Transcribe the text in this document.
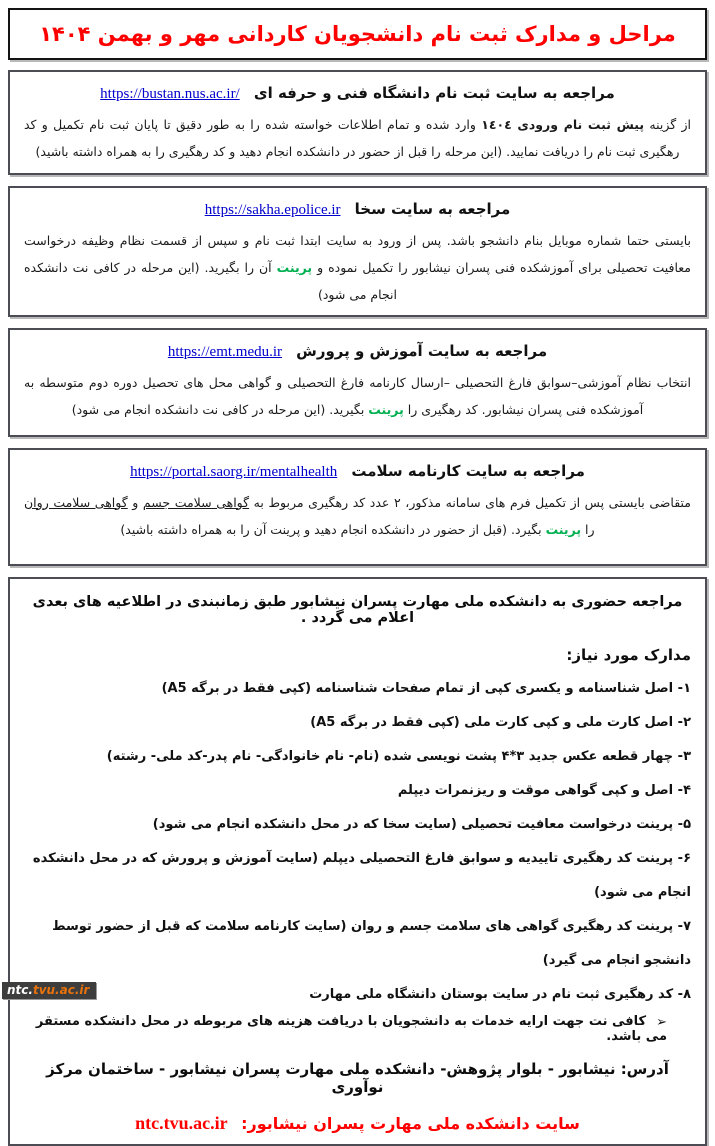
مراحل و مدارک ثبت نام دانشجویان کاردانی مهر و بهمن ۱۴۰۴
مراجعه به سایت ثبت نام دانشگاه فنی و حرفه ای https://bustan.nus.ac.ir/

از گزینه پیش ثبت نام ورودی ١٤٠٤ وارد شده و تمام اطلاعات خواسته شده را به طور دقیق تا پایان ثبت نام تکمیل و کد رهگیری ثبت نام را دریافت نمایید. (این مرحله را قبل از حضور در دانشکده انجام دهید و کد رهگیری را به همراه داشته باشید)

مراجعه به سایت سخا https://sakha.epolice.ir

بایستی حتما شماره موبایل بنام دانشجو باشد. پس از ورود به سایت ابتدا ثبت نام و سپس از قسمت نظام وظیفه درخواست معافیت تحصیلی برای آموزشکده فنی پسران نیشابور را تکمیل نموده و پرینت آن را بگیرید. (این مرحله در کافی نت دانشکده انجام می شود)

مراجعه به سایت آموزش و پرورش https://emt.medu.ir

انتخاب نظام آموزشی–سوابق فارغ التحصیلی –ارسال کارنامه فارغ التحصیلی و گواهی محل های تحصیل دوره دوم متوسطه به آموزشکده فنی پسران نیشابور. کد رهگیری را پرینت بگیرید. (این مرحله در کافی نت دانشکده انجام می شود)

مراجعه به سایت کارنامه سلامت https://portal.saorg.ir/mentalhealth

متقاضی بایستی پس از تکمیل فرم های سامانه مذکور، ۲ عدد کد رهگیری مربوط به گواهی سلامت جسم و گواهی سلامت روان را پرینت بگیرد. (قبل از حضور در دانشکده انجام دهید و پرینت آن را به همراه داشته باشید)

مراجعه حضوری به دانشکده ملی مهارت پسران نیشابور طبق زمانبندی در اطلاعیه های بعدی اعلام می گردد .
مدارک مورد نیاز:
۱- اصل شناسنامه و یکسری کپی از تمام صفحات شناسنامه (کپی فقط در برگه A5)
۲- اصل کارت ملی و کپی کارت ملی (کپی فقط در برگه A5)
۳- چهار قطعه عکس جدید ۳*۴ پشت نویسی شده (نام- نام خانوادگی- نام پدر-کد ملی- رشته)
۴- اصل و کپی گواهی موقت و ریزنمرات دیپلم
۵- پرینت درخواست معافیت تحصیلی (سایت سخا که در محل دانشکده انجام می شود)
۶- پرینت کد رهگیری تاییدیه و سوابق فارغ التحصیلی دیپلم (سایت آموزش و پرورش که در محل دانشکده انجام می شود)
۷- پرینت کد رهگیری گواهی های سلامت جسم و روان (سایت کارنامه سلامت که قبل از حضور توسط دانشجو انجام می گیرد)
۸- کد رهگیری ثبت نام در سایت بوستان دانشگاه ملی مهارت
➢کافی نت جهت ارایه خدمات به دانشجویان با دریافت هزینه های مربوطه در محل دانشکده مستقر می باشد.
آدرس: نیشابور - بلوار پژوهش- دانشکده ملی مهارت پسران نیشابور - ساختمان مرکز نوآوری
سایت دانشکده ملی مهارت پسران نیشابور: ntc.tvu.ac.ir
ntc.tvu.ac.ir
